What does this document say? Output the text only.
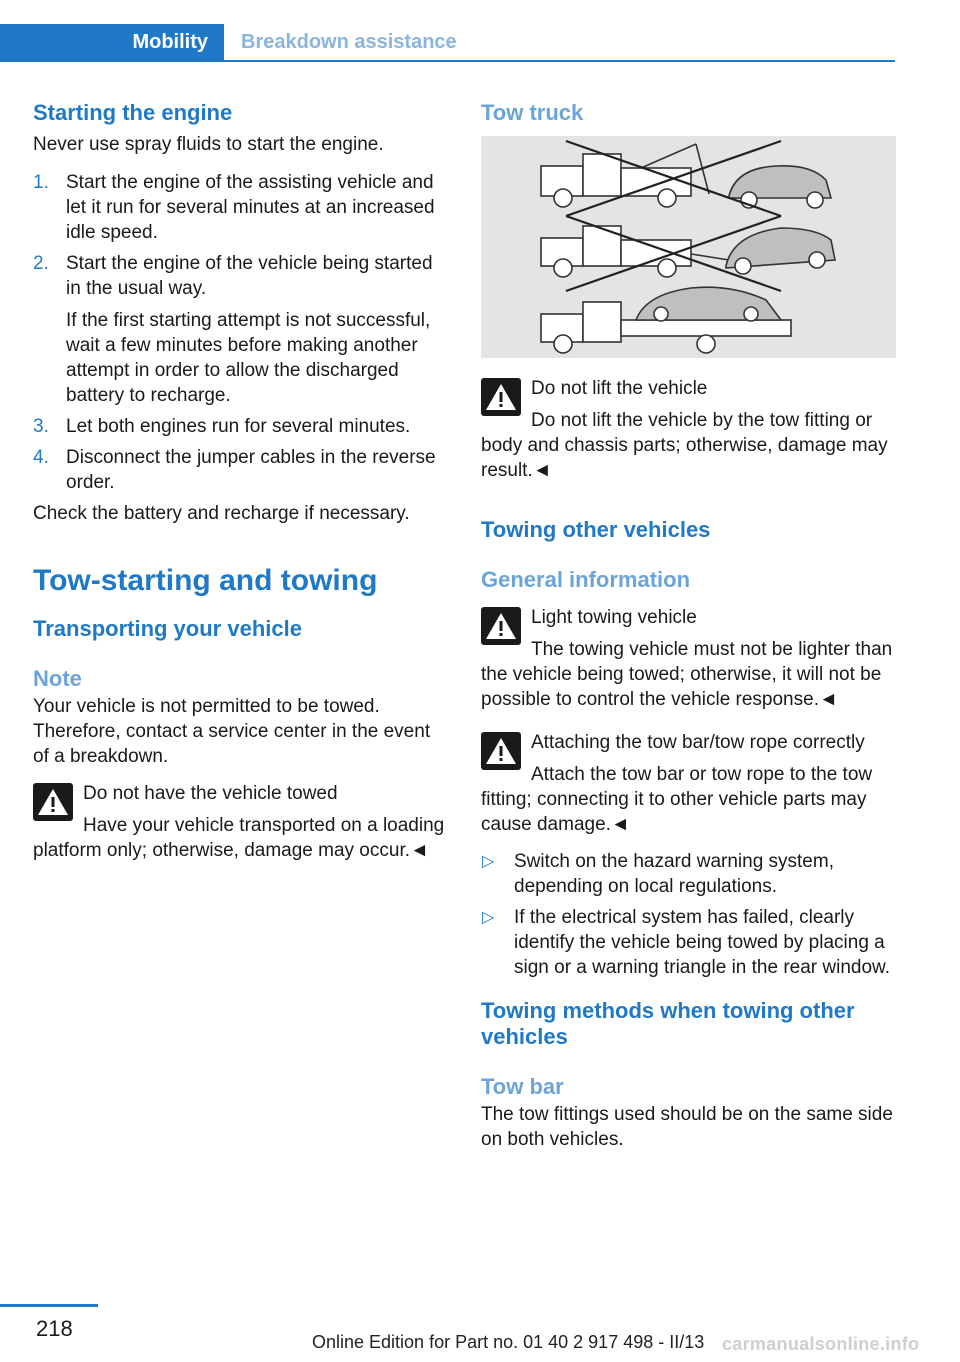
Mobility	Breakdown assistance
Starting the engine

Never use spray fluids to start the engine.

1. Start the engine of the assisting vehicle and let it run for several minutes at an increased idle speed.
2. Start the engine of the vehicle being started in the usual way.
If the first starting attempt is not successful, wait a few minutes before making another attempt in order to allow the discharged battery to recharge.
3. Let both engines run for several minutes.
4. Disconnect the jumper cables in the reverse order.

Check the battery and recharge if necessary.

Tow-starting and towing
Transporting your vehicle
Note

Your vehicle is not permitted to be towed. Therefore, contact a service center in the event of a breakdown.

Do not have the vehicle towed

Have your vehicle transported on a loading platform only; otherwise, damage may occur.◄

Tow truck

Do not lift the vehicle

Do not lift the vehicle by the tow fitting or body and chassis parts; otherwise, damage may result.◄

Towing other vehicles
General information

Light towing vehicle

The towing vehicle must not be lighter than the vehicle being towed; otherwise, it will not be possible to control the vehicle response.◄

Attaching the tow bar/tow rope correctly

Attach the tow bar or tow rope to the tow fitting; connecting it to other vehicle parts may cause damage.◄

▷ Switch on the hazard warning system, depending on local regulations.
▷ If the electrical system has failed, clearly identify the vehicle being towed by placing a sign or a warning triangle in the rear window.
Towing methods when towing other vehicles
Tow bar

The tow fittings used should be on the same side on both vehicles.

218
Online Edition for Part no. 01 40 2 917 498 - II/13 carmanualsonline.info
